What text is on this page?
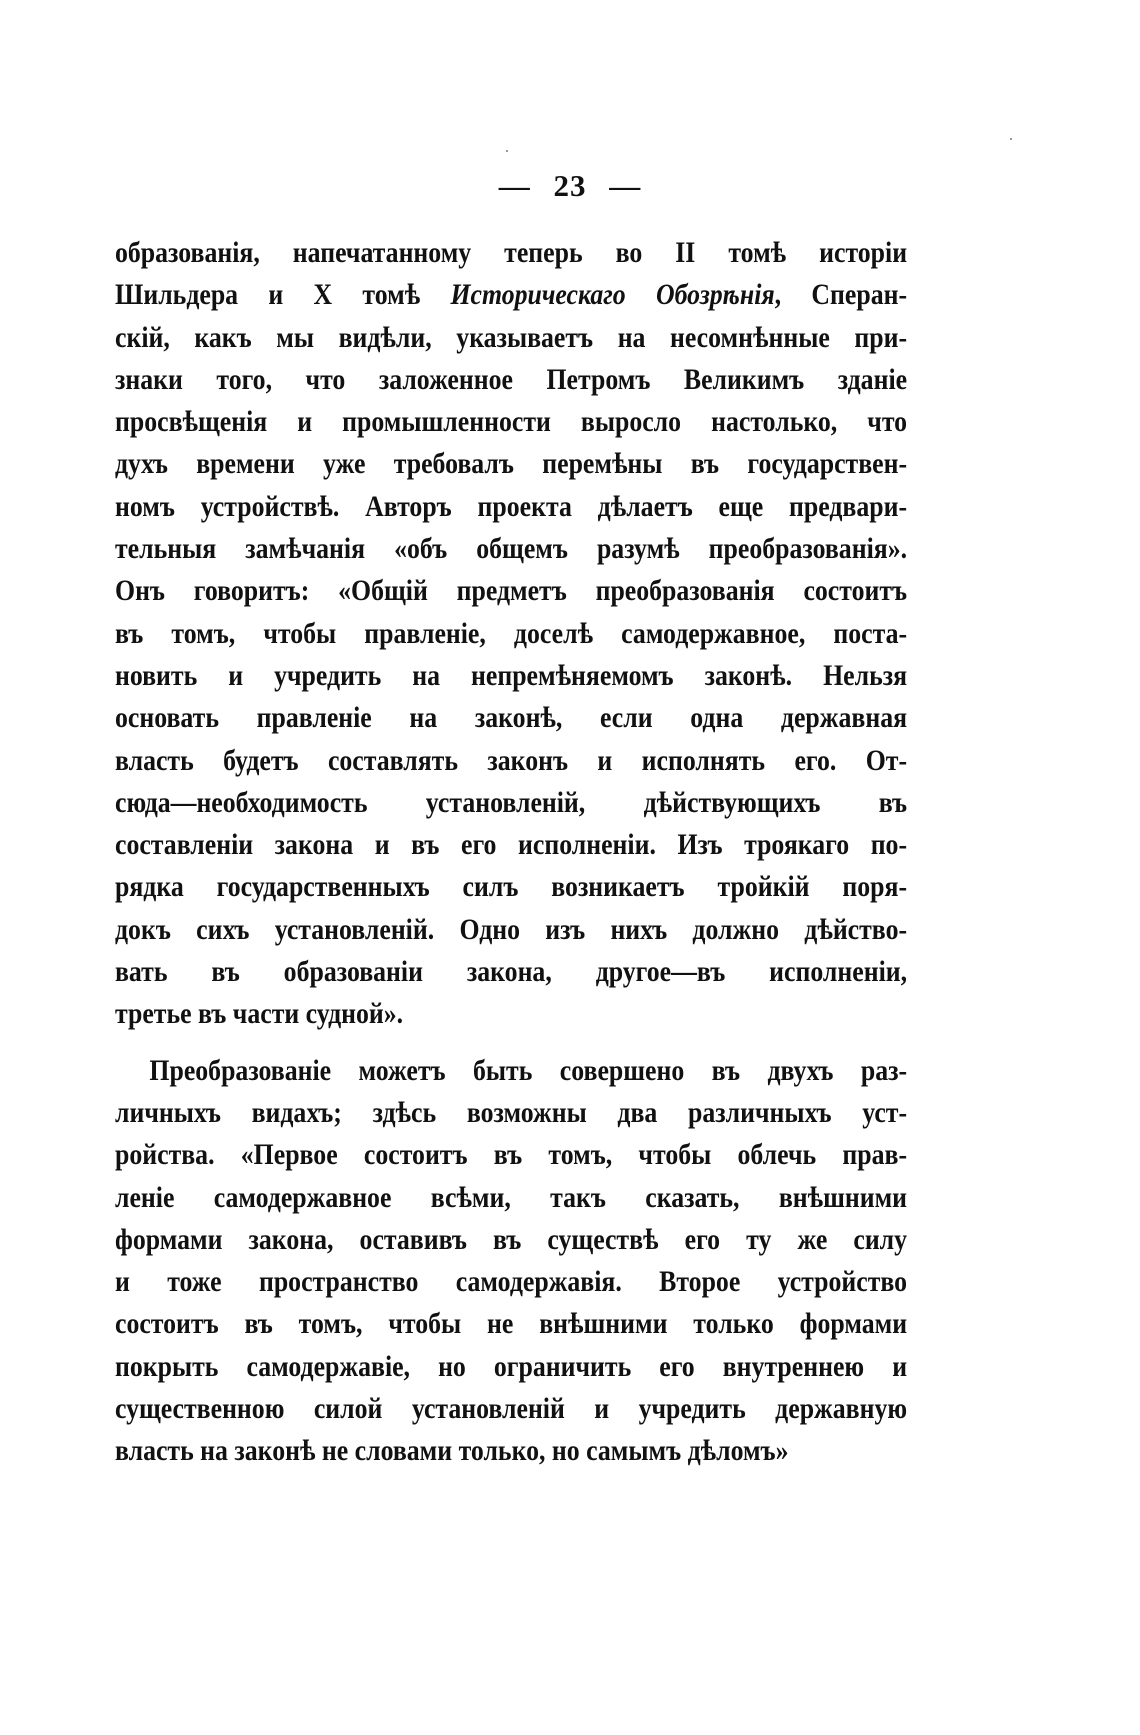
— 23 —
образованія, напечатанному теперь во II томѣ исторіи
Шильдера и X томѣ Историческаго Обозрѣнія, Сперан-
скій, какъ мы видѣли, указываетъ на несомнѣнные при-
знаки того, что заложенное Петромъ Великимъ зданіе
просвѣщенія и промышленности выросло настолько, что
духъ времени уже требовалъ перемѣны въ государствен-
номъ устройствѣ. Авторъ проекта дѣлаетъ еще предвари-
тельныя замѣчанія «объ общемъ разумѣ преобразованія».
Онъ говоритъ: «Общій предметъ преобразованія состоитъ
въ томъ, чтобы правленіе, доселѣ самодержавное, поста-
новить и учредить на непремѣняемомъ законѣ. Нельзя
основать правленіе на законѣ, если одна державная
власть будетъ составлять законъ и исполнять его. От-
сюда—необходимость установленій, дѣйствующихъ въ
составленіи закона и въ его исполненіи. Изъ троякаго по-
рядка государственныхъ силъ возникаетъ тройкій поря-
докъ сихъ установленій. Одно изъ нихъ должно дѣйство-
вать въ образованіи закона, другое—въ исполненіи,
третье въ части судной».
Преобразованіе можетъ быть совершено въ двухъ раз-
личныхъ видахъ; здѣсь возможны два различныхъ уст-
ройства. «Первое состоитъ въ томъ, чтобы облечь прав-
леніе самодержавное всѣми, такъ сказать, внѣшними
формами закона, оставивъ въ существѣ его ту же силу
и тоже пространство самодержавія. Второе устройство
состоитъ въ томъ, чтобы не внѣшними только формами
покрыть самодержавіе, но ограничить его внутреннею и
существенною силой установленій и учредить державную
власть на законѣ не словами только, но самымъ дѣломъ»
